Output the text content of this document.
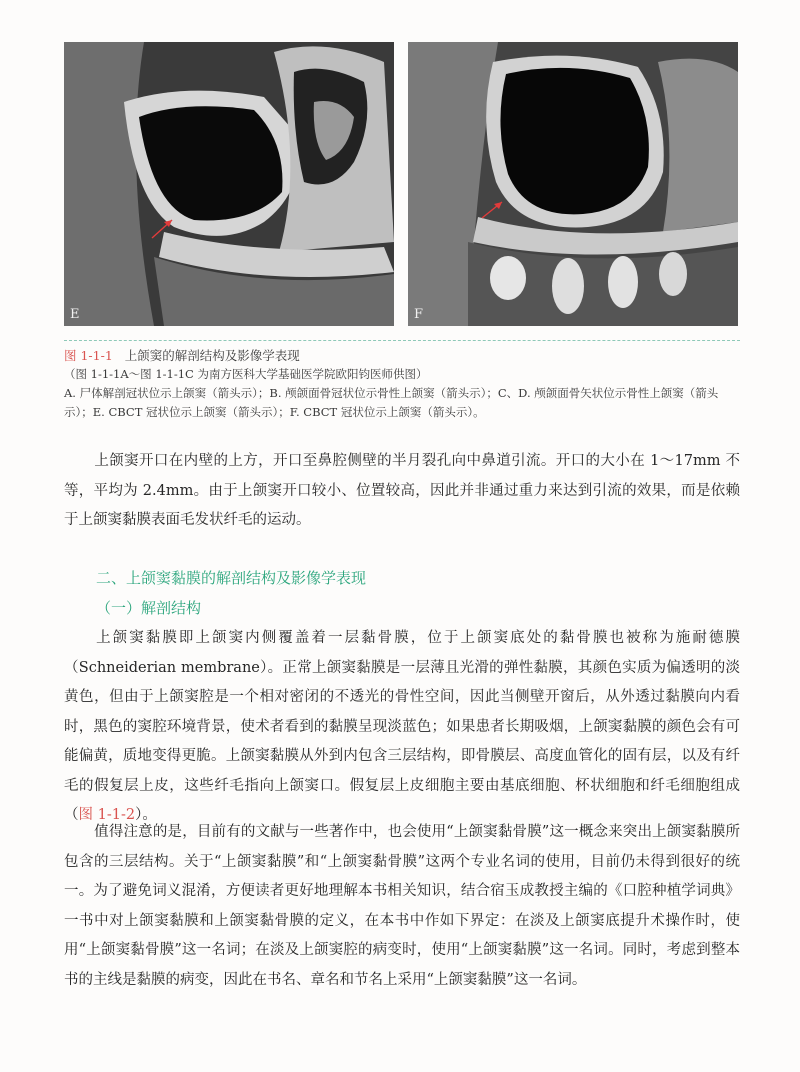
E	F
图 1-1-1 上颌窦的解剖结构及影像学表现
（图 1-1-1A～图 1-1-1C 为南方医科大学基础医学院欧阳钧医师供图）
A. 尸体解剖冠状位示上颌窦（箭头示）；B. 颅颌面骨冠状位示骨性上颌窦（箭头示）；C、D. 颅颌面骨矢状位示骨性上颌窦（箭头
示）；E. CBCT 冠状位示上颌窦（箭头示）；F. CBCT 冠状位示上颌窦（箭头示）。
上颌窦开口在内壁的上方，开口至鼻腔侧壁的半月裂孔向中鼻道引流。开口的大小在 1～17mm 不等，平均为 2.4mm。由于上颌窦开口较小、位置较高，因此并非通过重力来达到引流的效果，而是依赖于上颌窦黏膜表面毛发状纤毛的运动。
二、上颌窦黏膜的解剖结构及影像学表现
（一）解剖结构
上颌窦黏膜即上颌窦内侧覆盖着一层黏骨膜，位于上颌窦底处的黏骨膜也被称为施耐德膜（Schneiderian membrane）。正常上颌窦黏膜是一层薄且光滑的弹性黏膜，其颜色实质为偏透明的淡黄色，但由于上颌窦腔是一个相对密闭的不透光的骨性空间，因此当侧壁开窗后，从外透过黏膜向内看时，黑色的窦腔环境背景，使术者看到的黏膜呈现淡蓝色；如果患者长期吸烟，上颌窦黏膜的颜色会有可能偏黄，质地变得更脆。上颌窦黏膜从外到内包含三层结构，即骨膜层、高度血管化的固有层，以及有纤毛的假复层上皮，这些纤毛指向上颌窦口。假复层上皮细胞主要由基底细胞、杯状细胞和纤毛细胞组成（图 1-1-2）。
值得注意的是，目前有的文献与一些著作中，也会使用“上颌窦黏骨膜”这一概念来突出上颌窦黏膜所包含的三层结构。关于“上颌窦黏膜”和“上颌窦黏骨膜”这两个专业名词的使用，目前仍未得到很好的统一。为了避免词义混淆，方便读者更好地理解本书相关知识，结合宿玉成教授主编的《口腔种植学词典》一书中对上颌窦黏膜和上颌窦黏骨膜的定义，在本书中作如下界定：在淡及上颌窦底提升术操作时，使用“上颌窦黏骨膜”这一名词；在淡及上颌窦腔的病变时，使用“上颌窦黏膜”这一名词。同时，考虑到整本书的主线是黏膜的病变，因此在书名、章名和节名上采用“上颌窦黏膜”这一名词。
